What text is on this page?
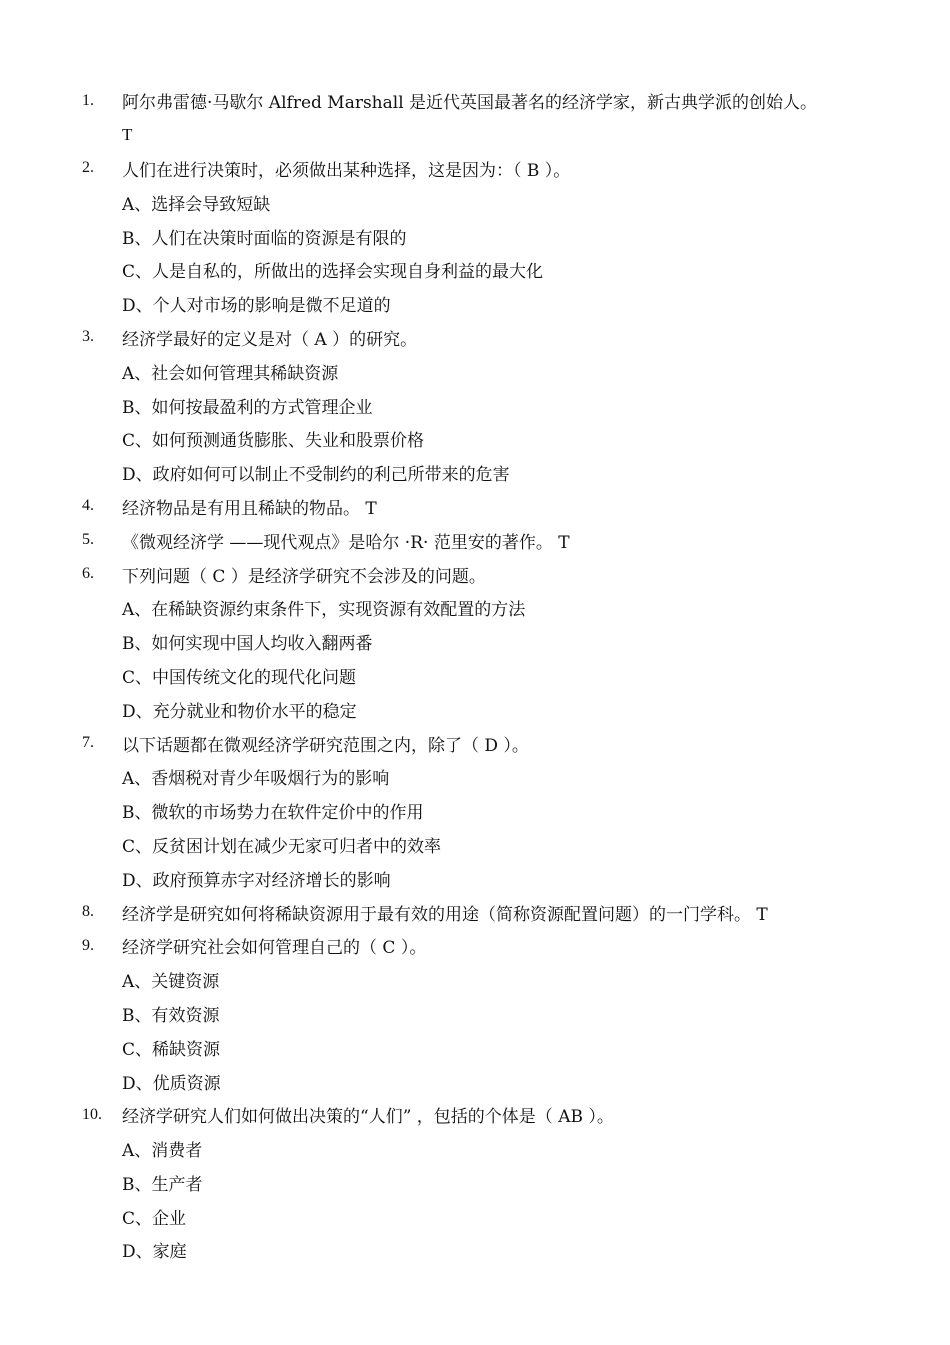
1.	阿尔弗雷德·马歇尔 Alfred Marshall 是近代英国最著名的经济学家，新古典学派的创始人。
T
2.	人们在进行决策时，必须做出某种选择，这是因为：（ B ）。
A、选择会导致短缺
B、人们在决策时面临的资源是有限的
C、人是自私的，所做出的选择会实现自身利益的最大化
D、个人对市场的影响是微不足道的
3.	经济学最好的定义是对（ A ）的研究。
A、社会如何管理其稀缺资源
B、如何按最盈利的方式管理企业
C、如何预测通货膨胀、失业和股票价格
D、政府如何可以制止不受制约的利己所带来的危害
4.	经济物品是有用且稀缺的物品。 T
5.	《微观经济学 ——现代观点》是哈尔 ·R· 范里安的著作。 T
6.	下列问题（ C ）是经济学研究不会涉及的问题。
A、在稀缺资源约束条件下，实现资源有效配置的方法
B、如何实现中国人均收入翻两番
C、中国传统文化的现代化问题
D、充分就业和物价水平的稳定
7.	以下话题都在微观经济学研究范围之内，除了（ D ）。
A、香烟税对青少年吸烟行为的影响
B、微软的市场势力在软件定价中的作用
C、反贫困计划在减少无家可归者中的效率
D、政府预算赤字对经济增长的影响
8.	经济学是研究如何将稀缺资源用于最有效的用途（简称资源配置问题）的一门学科。 T
9.	经济学研究社会如何管理自己的（ C ）。
A、关键资源
B、有效资源
C、稀缺资源
D、优质资源
10.	经济学研究人们如何做出决策的“人们” ，包括的个体是（ AB ）。
A、消费者
B、生产者
C、企业
D、家庭
